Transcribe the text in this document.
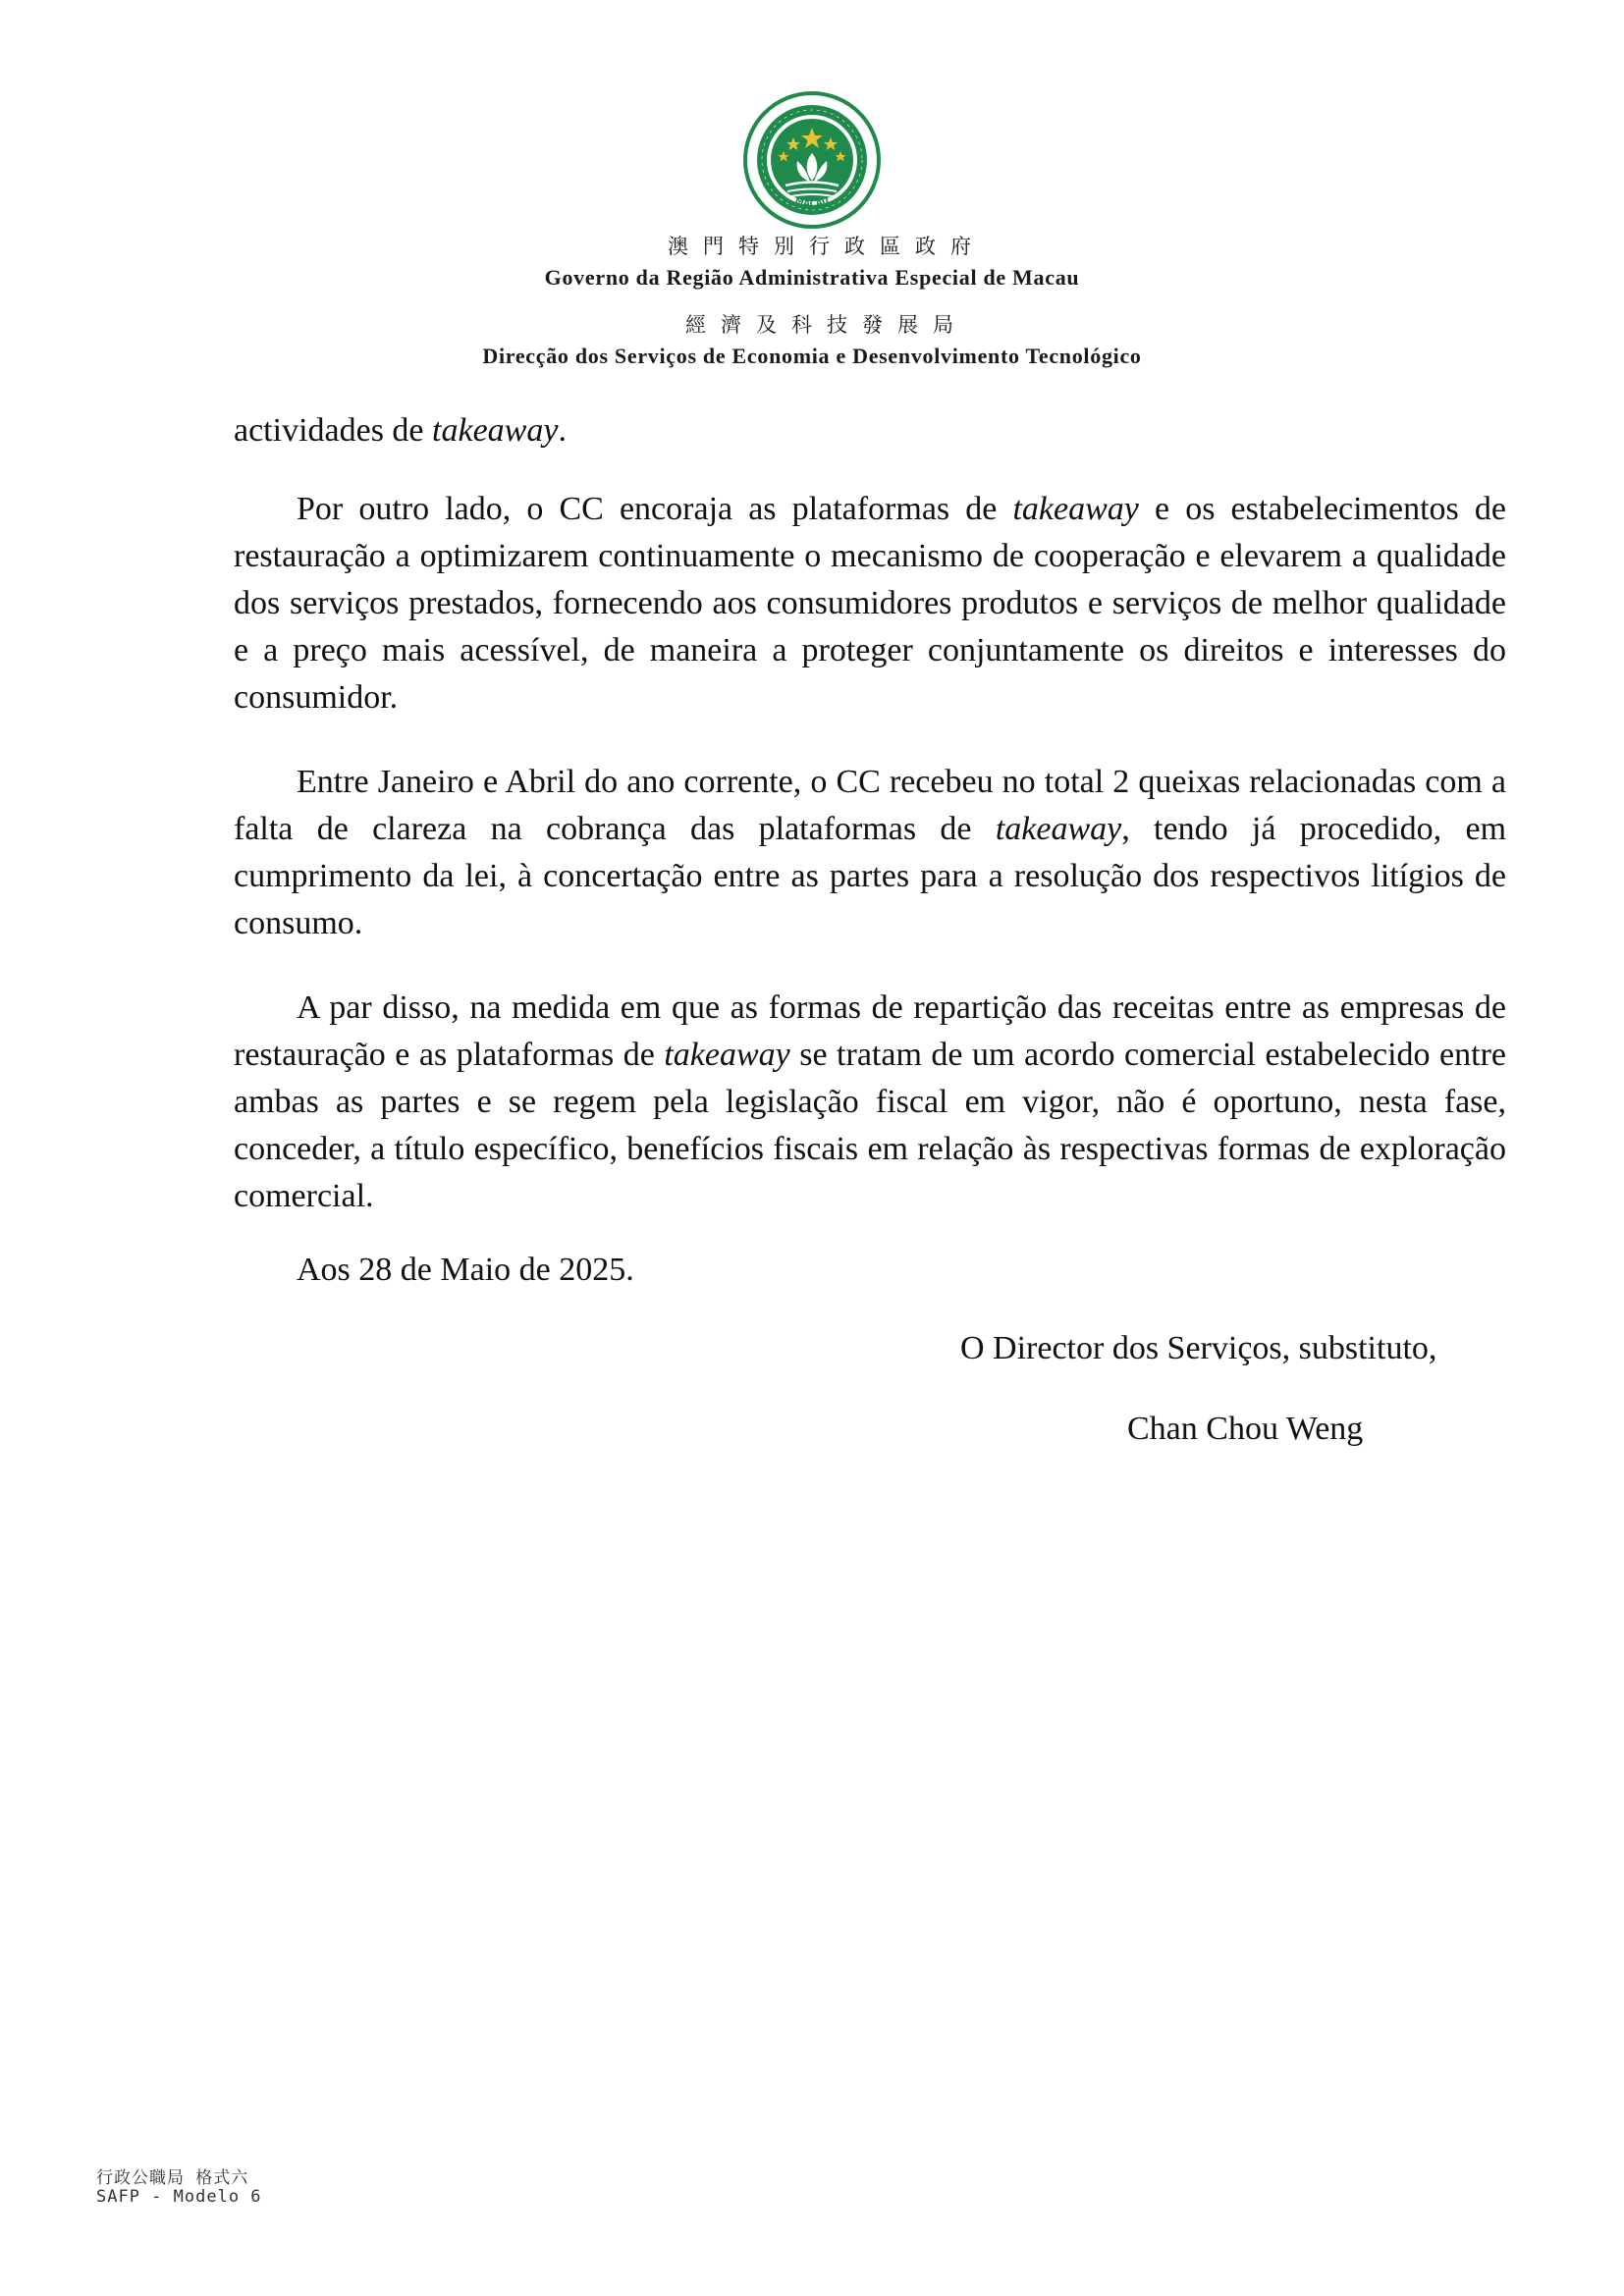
MACAU
澳門特別行政區政府
Governo da Região Administrativa Especial de Macau
經濟及科技發展局
Direcção dos Serviços de Economia e Desenvolvimento Tecnológico

actividades de takeaway.

Por outro lado, o CC encoraja as plataformas de takeaway e os estabelecimentos de restauração a optimizarem continuamente o mecanismo de cooperação e elevarem a qualidade dos serviços prestados, fornecendo aos consumidores produtos e serviços de melhor qualidade e a preço mais acessível, de maneira a proteger conjuntamente os direitos e interesses do consumidor.

Entre Janeiro e Abril do ano corrente, o CC recebeu no total 2 queixas relacionadas com a falta de clareza na cobrança das plataformas de takeaway, tendo já procedido, em cumprimento da lei, à concertação entre as partes para a resolução dos respectivos litígios de consumo.

A par disso, na medida em que as formas de repartição das receitas entre as empresas de restauração e as plataformas de takeaway se tratam de um acordo comercial estabelecido entre ambas as partes e se regem pela legislação fiscal em vigor, não é oportuno, nesta fase, conceder, a título específico, benefícios fiscais em relação às respectivas formas de exploração comercial.

Aos 28 de Maio de 2025.

O Director dos Serviços, substituto,
Chan Chou Weng
行政公職局 格式六
SAFP - Modelo 6
